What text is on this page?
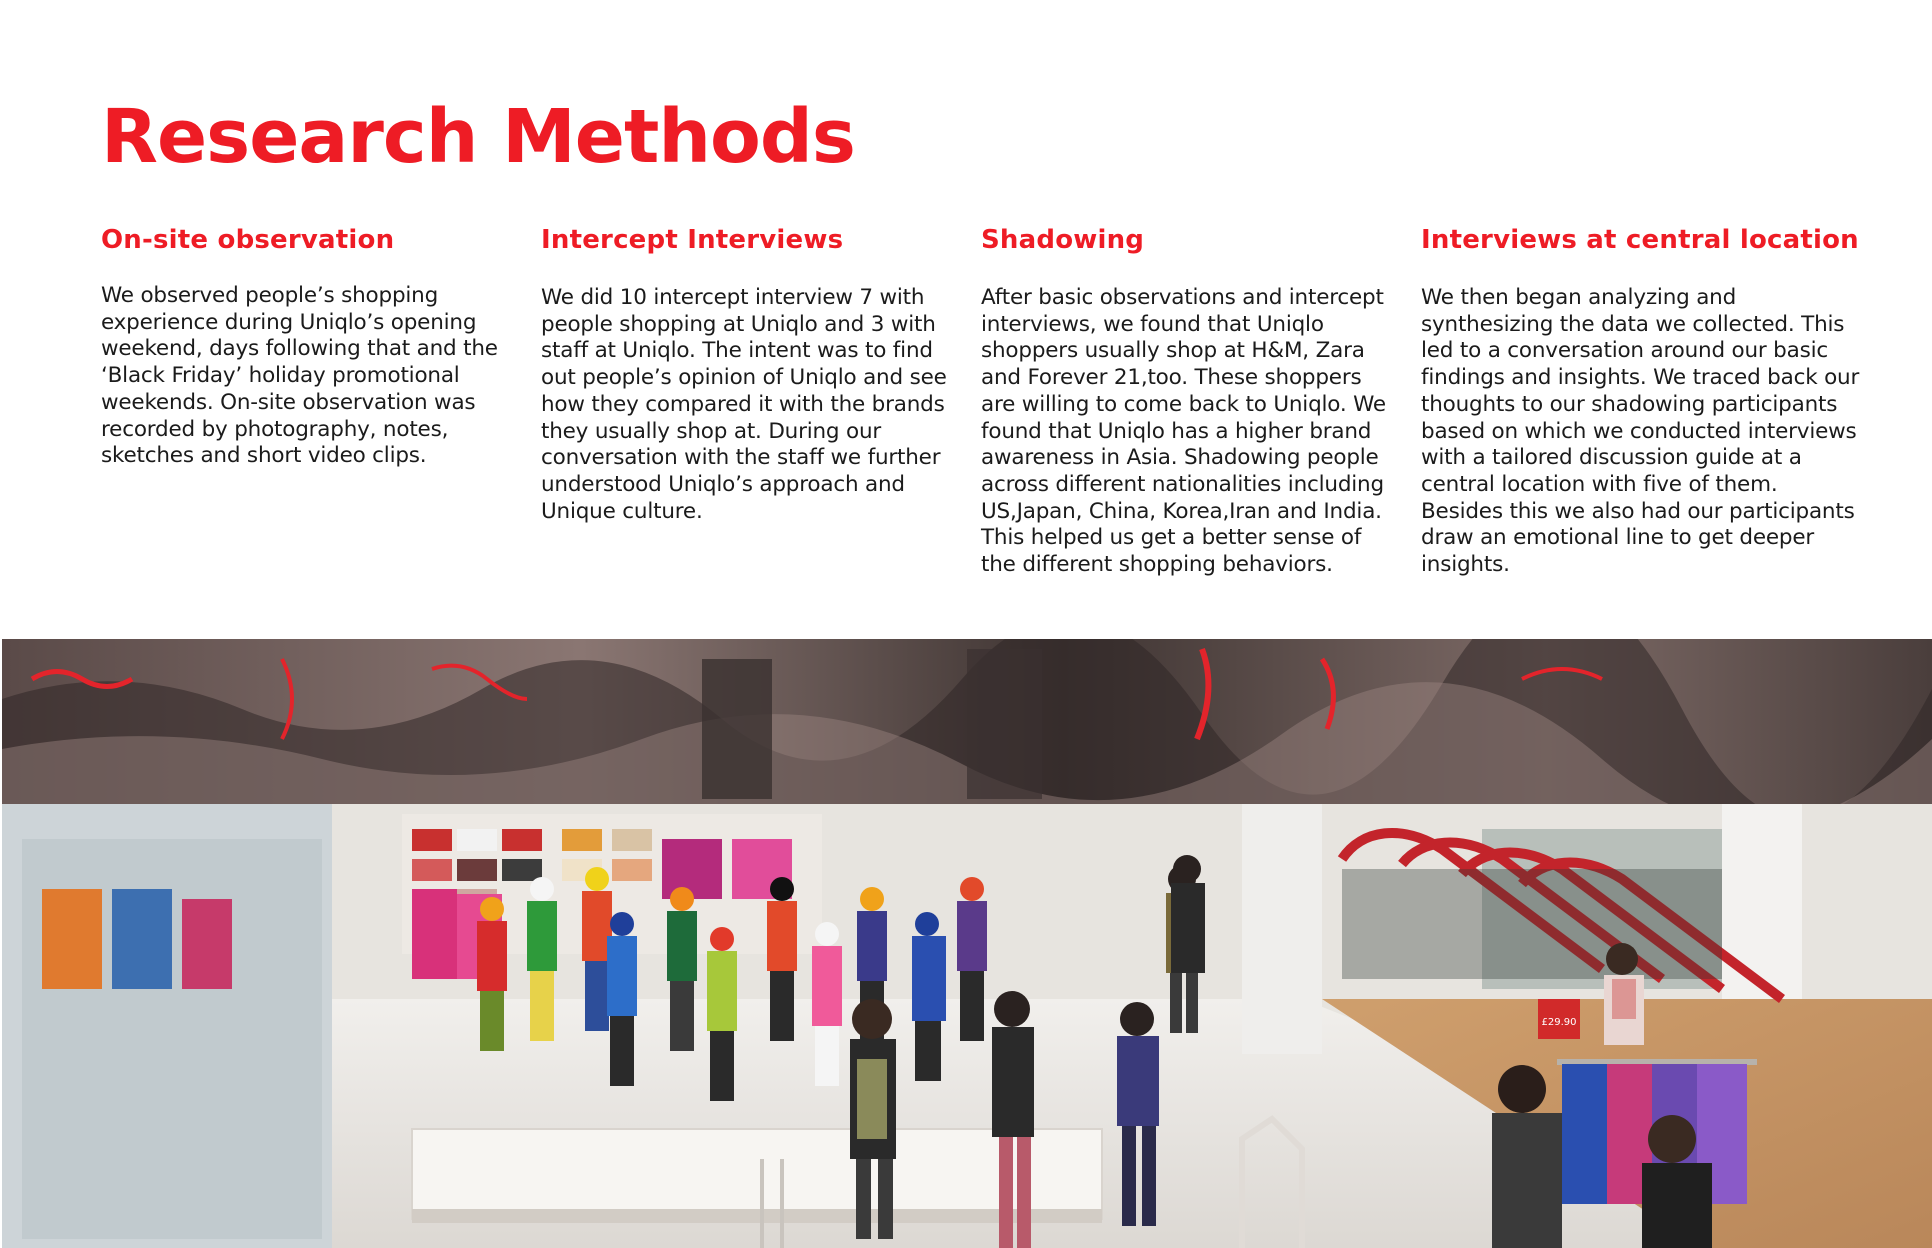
Research Methods
On-site observation

We observed people’s shopping experience during Uniqlo’s opening weekend, days following that and the ‘Black Friday’ holiday promotional weekends. On-site observation was recorded by photography, notes, sketches and short video clips.

Intercept Interviews

We did 10 intercept interview 7 with people shopping at Uniqlo and 3 with staff at Uniqlo. The intent was to find out people’s opinion of Uniqlo and see how they compared it with the brands they usually shop at. During our conversation with the staff we further understood Uniqlo’s approach and Unique culture.

Shadowing

After basic observations and intercept interviews, we found that Uniqlo shoppers usually shop at H&M, Zara and Forever 21,too. These shoppers are willing to come back to Uniqlo. We found that Uniqlo has a higher brand awareness in Asia. Shadowing people across different nationalities including US,Japan, China, Korea,Iran and India. This helped us get a better sense of the different shopping behaviors.

Interviews at central location

We then began analyzing and synthesizing the data we collected. This led to a conversation around our basic findings and insights. We traced back our thoughts to our shadowing participants based on which we conducted interviews with a tailored discussion guide at a central location with five of them. Besides this we also had our participants draw an emotional line to get deeper insights.

£29.90
